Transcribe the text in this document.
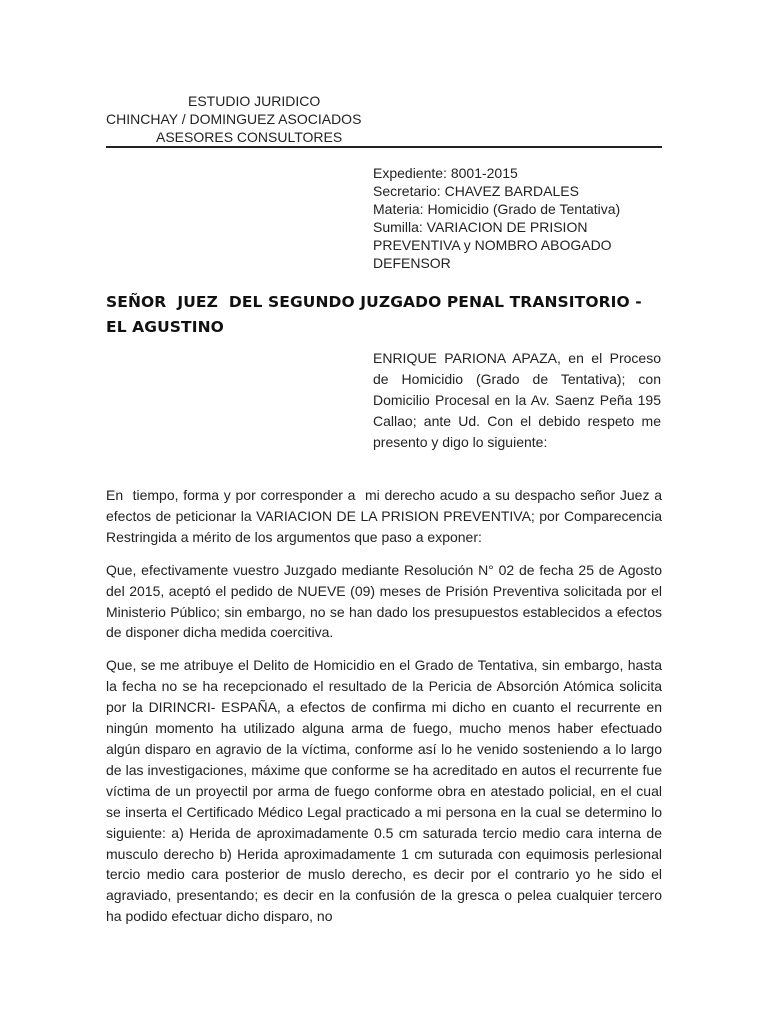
ESTUDIO JURIDICO
CHINCHAY / DOMINGUEZ ASOCIADOS
ASESORES CONSULTORES
Expediente: 8001-2015
Secretario: CHAVEZ BARDALES
Materia: Homicidio (Grado de Tentativa)
Sumilla: VARIACION DE PRISION
PREVENTIVA y NOMBRO ABOGADO
DEFENSOR
SEÑOR  JUEZ  DEL SEGUNDO JUZGADO PENAL TRANSITORIO -
EL AGUSTINO
ENRIQUE PARIONA APAZA, en el Proceso de Homicidio (Grado de Tentativa); con Domicilio Procesal en la Av. Saenz Peña 195 Callao; ante Ud. Con el debido respeto me presento y digo lo siguiente:

En  tiempo, forma y por corresponder a  mi derecho acudo a su despacho señor Juez a efectos de peticionar la VARIACION DE LA PRISION PREVENTIVA; por Comparecencia Restringida a mérito de los argumentos que paso a exponer:

Que, efectivamente vuestro Juzgado mediante Resolución N° 02 de fecha 25 de Agosto del 2015, aceptó el pedido de NUEVE (09) meses de Prisión Preventiva solicitada por el Ministerio Público; sin embargo, no se han dado los presupuestos establecidos a efectos de disponer dicha medida coercitiva.

Que, se me atribuye el Delito de Homicidio en el Grado de Tentativa, sin embargo, hasta la fecha no se ha recepcionado el resultado de la Pericia de Absorción Atómica solicita por la DIRINCRI- ESPAÑA, a efectos de confirma mi dicho en cuanto el recurrente en ningún momento ha utilizado alguna arma de fuego, mucho menos haber efectuado algún disparo en agravio de la víctima, conforme así lo he venido sosteniendo a lo largo de las investigaciones, máxime que conforme se ha acreditado en autos el recurrente fue víctima de un proyectil por arma de fuego conforme obra en atestado policial, en el cual se inserta el Certificado Médico Legal practicado a mi persona en la cual se determino lo siguiente: a) Herida de aproximadamente 0.5 cm saturada tercio medio cara interna de musculo derecho b) Herida aproximadamente 1 cm suturada con equimosis perlesional tercio medio cara posterior de muslo derecho, es decir por el contrario yo he sido el agraviado, presentando; es decir en la confusión de la gresca o pelea cualquier tercero ha podido efectuar dicho disparo, no
